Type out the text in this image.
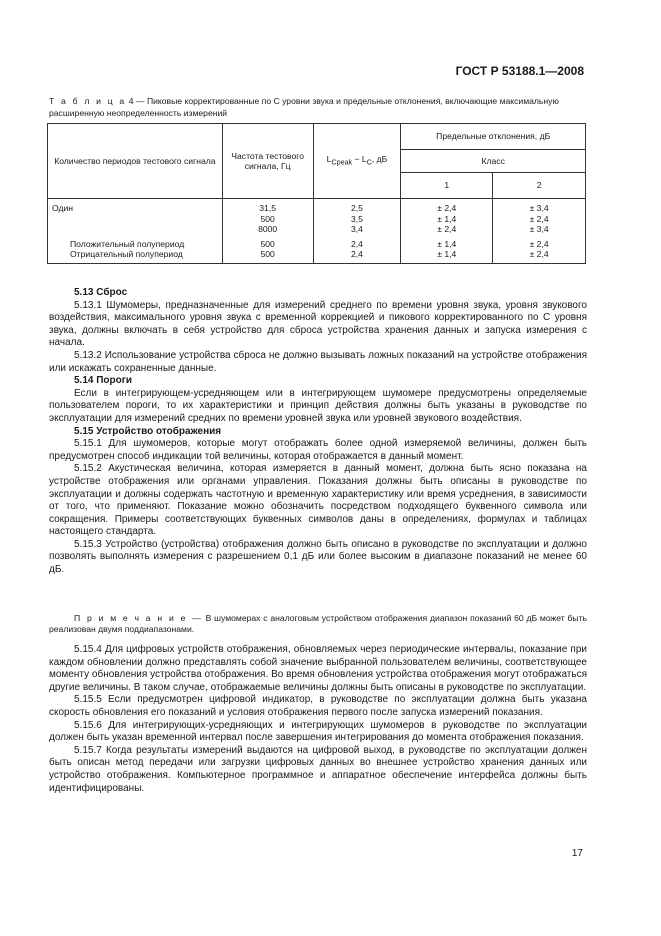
ГОСТ Р 53188.1—2008
Т а б л и ц а 4 — Пиковые корректированные по C уровни звука и предельные отклонения, включающие максимальную расширенную неопределенность измерений
Количество периодов тестового сигнала	Частота тестового сигнала, Гц	$L_{Cpeak} - L_C$, дБ	Предельные отклонения, дБ	
			Класс	
			1	2

Один	31,5	2,5	± 2,4	± 3,4
	500	3,5	± 1,4	± 2,4
	8000	3,4	± 2,4	± 3,4

Положительный полупериод	500	2,4	± 1,4	± 2,4
Отрицательный полупериод	500	2,4	± 1,4	± 2,4

5.13 Сброс

5.13.1 Шумомеры, предназначенные для измерений среднего по времени уровня звука, уровня звукового воздействия, максимального уровня звука с временной коррекцией и пикового корректированного по C уровня звука, должны включать в себя устройство для сброса устройства хранения данных и запуска измерения с начала.

5.13.2 Использование устройства сброса не должно вызывать ложных показаний на устройстве отображения или искажать сохраненные данные.

5.14 Пороги

Если в интегрирующем-усредняющем или в интегрирующем шумомере предусмотрены определяемые пользователем пороги, то их характеристики и принцип действия должны быть указаны в руководстве по эксплуатации для измерений средних по времени уровней звука или уровней звукового воздействия.

5.15 Устройство отображения

5.15.1 Для шумомеров, которые могут отображать более одной измеряемой величины, должен быть предусмотрен способ индикации той величины, которая отображается в данный момент.

5.15.2 Акустическая величина, которая измеряется в данный момент, должна быть ясно показана на устройстве отображения или органами управления. Показания должны быть описаны в руководстве по эксплуатации и должны содержать частотную и временную характеристику или время усреднения, в зависимости от того, что применяют. Показание можно обозначить посредством подходящего буквенного символа или сокращения. Примеры соответствующих буквенных символов даны в определениях, формулах и таблицах настоящего стандарта.

5.15.3 Устройство (устройства) отображения должно быть описано в руководстве по эксплуатации и должно позволять выполнять измерения с разрешением 0,1 дБ или более высоким в диапазоне показаний не менее 60 дБ.

П р и м е ч а н и е — В шумомерах с аналоговым устройством отображения диапазон показаний 60 дБ может быть реализован двумя поддиапазонами.

5.15.4 Для цифровых устройств отображения, обновляемых через периодические интервалы, показание при каждом обновлении должно представлять собой значение выбранной пользователем величины, соответствующее моменту обновления устройства отображения. Во время обновления устройства отображения могут отображаться другие величины. В таком случае, отображаемые величины должны быть описаны в руководстве по эксплуатации.

5.15.5 Если предусмотрен цифровой индикатор, в руководстве по эксплуатации должна быть указана скорость обновления его показаний и условия отображения первого после запуска измерений показания.

5.15.6 Для интегрирующих-усредняющих и интегрирующих шумомеров в руководстве по эксплуатации должен быть указан временной интервал после завершения интегрирования до момента отображения показания.

5.15.7 Когда результаты измерений выдаются на цифровой выход, в руководстве по эксплуатации должен быть описан метод передачи или загрузки цифровых данных во внешнее устройство хранения данных или устройство отображения. Компьютерное программное и аппаратное обеспечение интерфейса должны быть идентифицированы.

17
